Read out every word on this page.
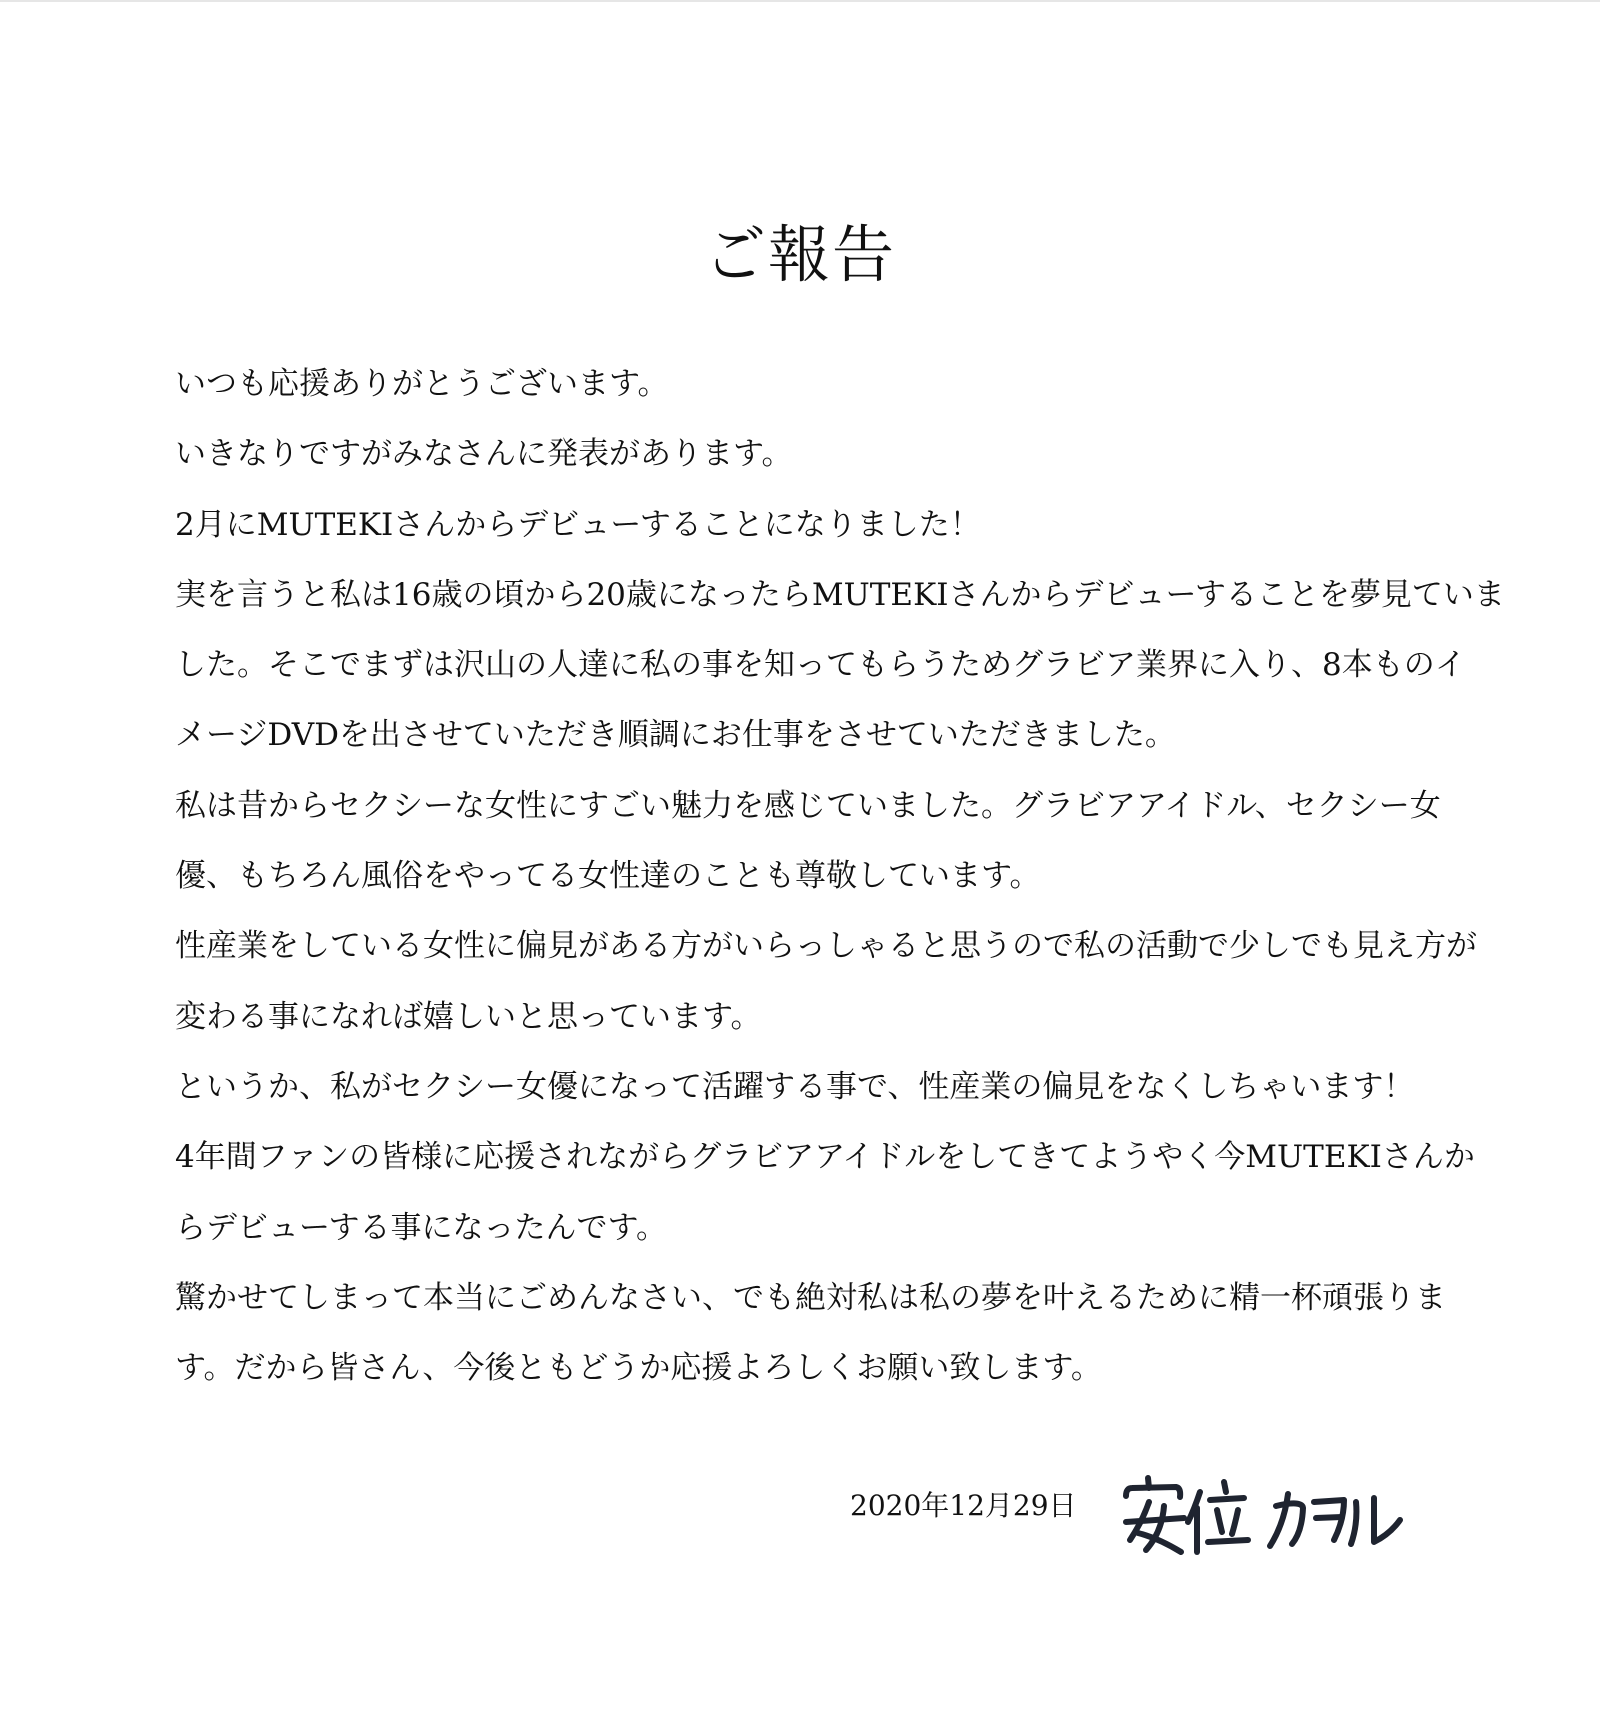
ご報告
いつも応援ありがとうございます。
いきなりですがみなさんに発表があります。
2月にMUTEKIさんからデビューすることになりました！
実を言うと私は16歳の頃から20歳になったらMUTEKIさんからデビューすることを夢見ていま
した。そこでまずは沢山の人達に私の事を知ってもらうためグラビア業界に入り、8本ものイ
メージDVDを出させていただき順調にお仕事をさせていただきました。
私は昔からセクシーな女性にすごい魅力を感じていました。グラビアアイドル、セクシー女
優、もちろん風俗をやってる女性達のことも尊敬しています。
性産業をしている女性に偏見がある方がいらっしゃると思うので私の活動で少しでも見え方が
変わる事になれば嬉しいと思っています。
というか、私がセクシー女優になって活躍する事で、性産業の偏見をなくしちゃいます！
4年間ファンの皆様に応援されながらグラビアアイドルをしてきてようやく今MUTEKIさんか
らデビューする事になったんです。
驚かせてしまって本当にごめんなさい、でも絶対私は私の夢を叶えるために精一杯頑張りま
す。だから皆さん、今後ともどうか応援よろしくお願い致します。
2020年12月29日
